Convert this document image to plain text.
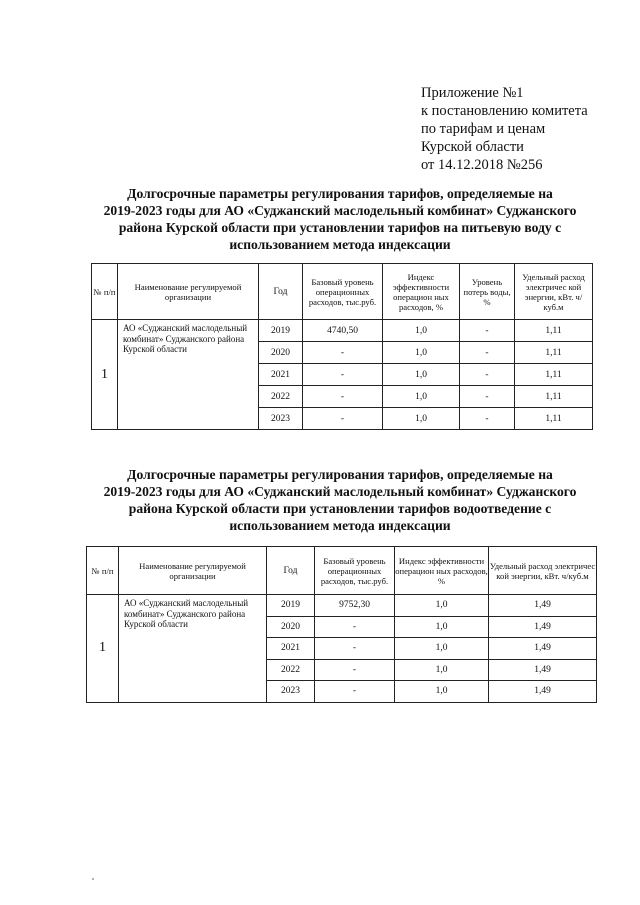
Приложение №1
к постановлению комитета
по тарифам и ценам
Курской области
от 14.12.2018 №256
Долгосрочные параметры регулирования тарифов, определяемые на
2019-2023 годы для АО «Суджанский маслодельный комбинат» Суджанского
района Курской области при установлении тарифов на питьевую воду с
использованием метода индексации
№ п/п	Наименование регулируемой организации	Год	Базовый уровень операционных расходов, тыс.руб.	Индекс эффективности операцион ных расходов, %	Уровень потерь воды, %	Удельный расход электричес кой энергии, кВт. ч/куб.м
1	АО «Суджанский маслодельный комбинат» Суджанского района Курской области	2019	4740,50	1,0	-	1,11
		2020	-	1,0	-	1,11
		2021	-	1,0	-	1,11
		2022	-	1,0	-	1,11
		2023	-	1,0	-	1,11
Долгосрочные параметры регулирования тарифов, определяемые на
2019-2023 годы для АО «Суджанский маслодельный комбинат» Суджанского
района Курской области при установлении тарифов водоотведение с
использованием метода индексации
№ п/п	Наименование регулируемой организации	Год	Базовый уровень операционных расходов, тыс.руб.	Индекс эффективности операцион ных расходов, %	Удельный расход электричес кой энергии, кВт. ч/куб.м
1	АО «Суджанский маслодельный комбинат» Суджанского района Курской области	2019	9752,30	1,0	1,49
		2020	-	1,0	1,49
		2021	-	1,0	1,49
		2022	-	1,0	1,49
		2023	-	1,0	1,49
